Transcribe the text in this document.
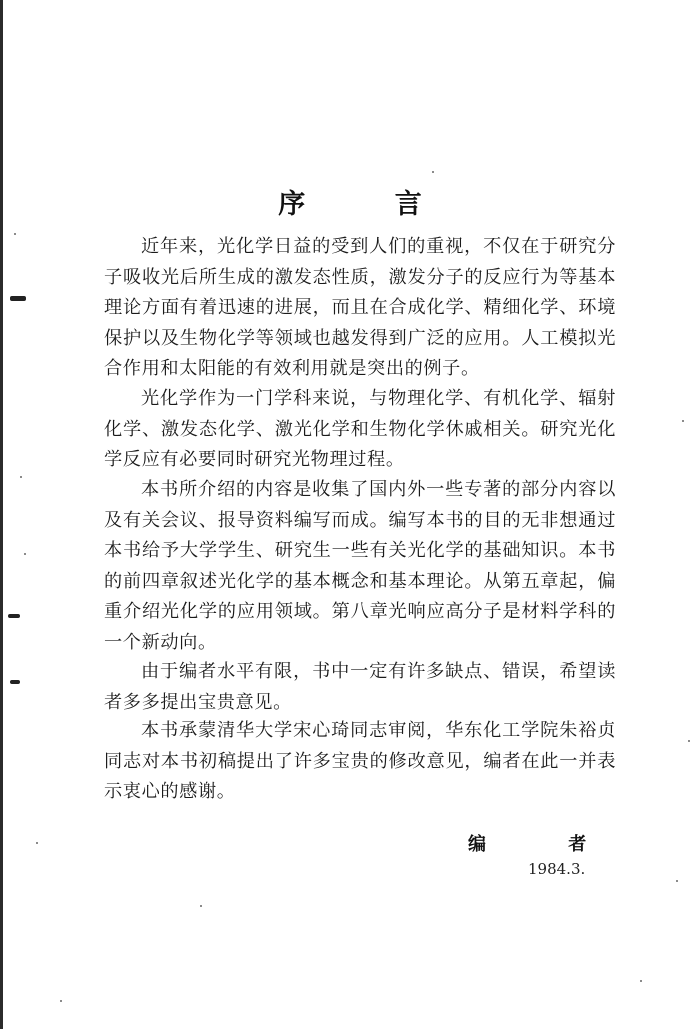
序 言

近年来，光化学日益的受到人们的重视，不仅在于研究分子吸收光后所生成的激发态性质，激发分子的反应行为等基本理论方面有着迅速的进展，而且在合成化学、精细化学、环境保护以及生物化学等领域也越发得到广泛的应用。人工模拟光合作用和太阳能的有效利用就是突出的例子。

光化学作为一门学科来说，与物理化学、有机化学、辐射化学、激发态化学、激光化学和生物化学休戚相关。研究光化学反应有必要同时研究光物理过程。

本书所介绍的内容是收集了国内外一些专著的部分内容以及有关会议、报导资料编写而成。编写本书的目的无非想通过本书给予大学学生、研究生一些有关光化学的基础知识。本书的前四章叙述光化学的基本概念和基本理论。从第五章起，偏重介绍光化学的应用领域。第八章光响应高分子是材料学科的一个新动向。

由于编者水平有限，书中一定有许多缺点、错误，希望读者多多提出宝贵意见。

本书承蒙清华大学宋心琦同志审阅，华东化工学院朱裕贞同志对本书初稿提出了许多宝贵的修改意见，编者在此一并表示衷心的感谢。

编 者
1984.3.
